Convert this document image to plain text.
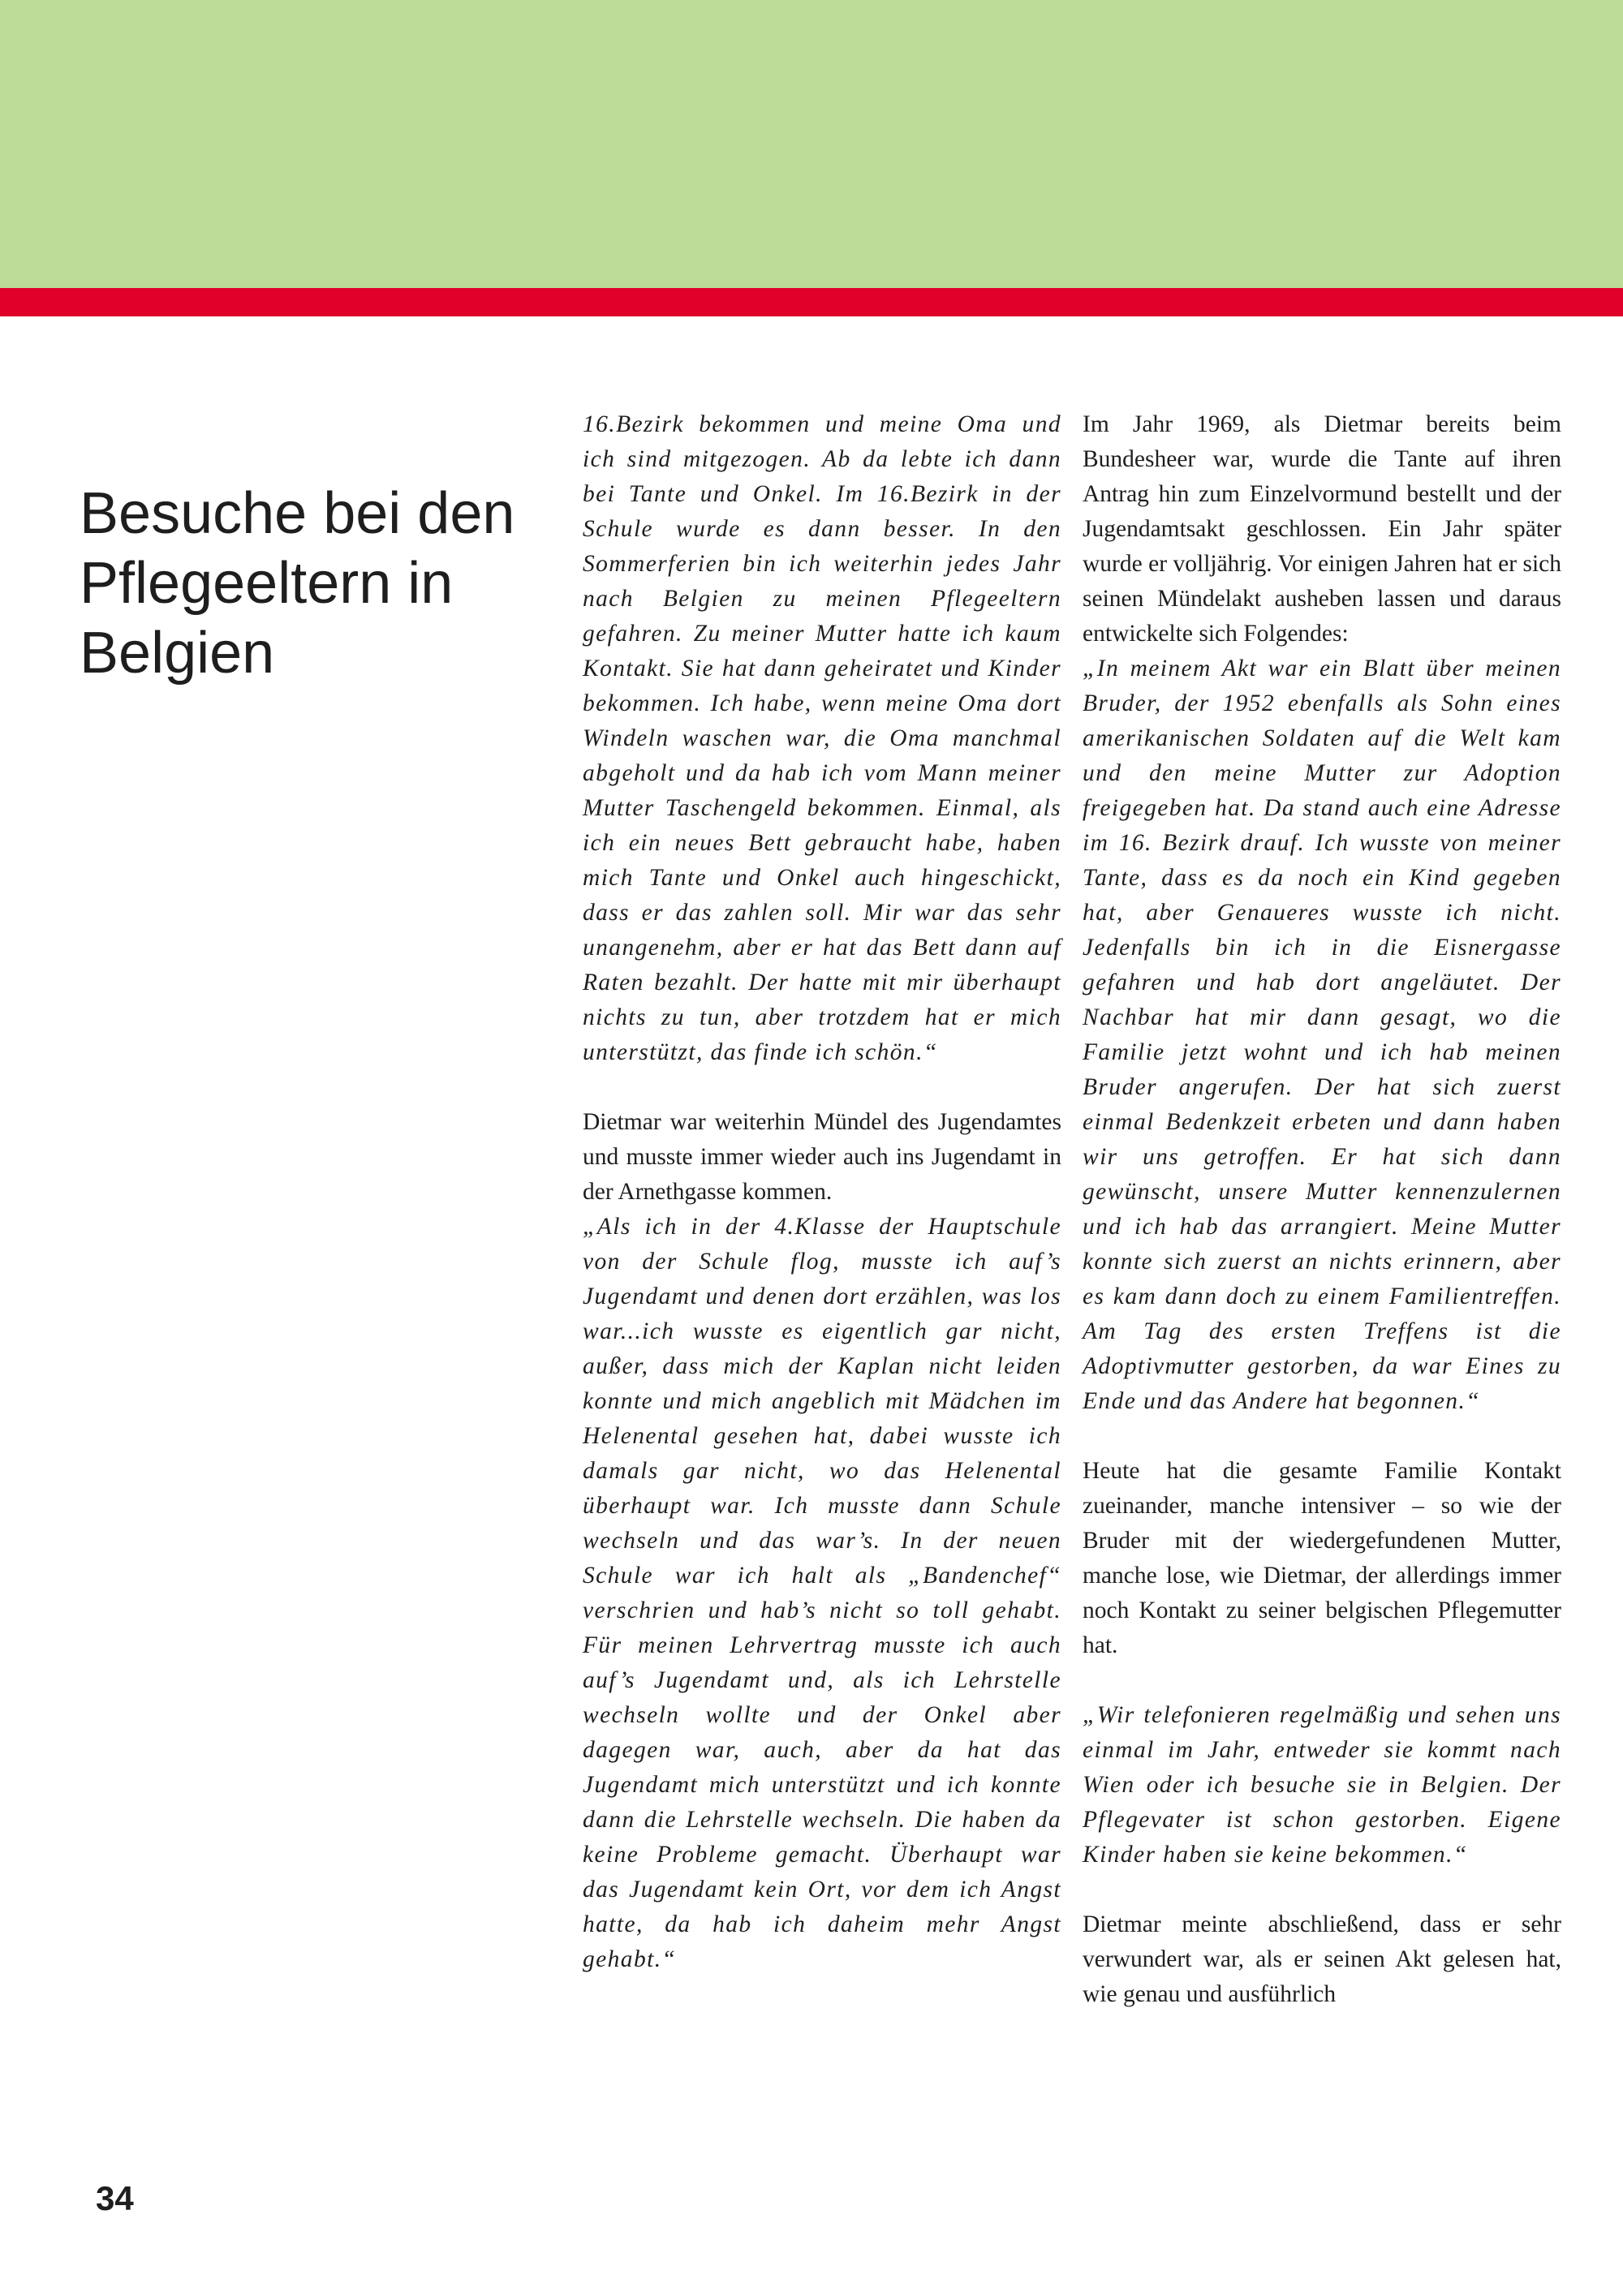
Besuche bei den Pflegeeltern in Belgien

16.Bezirk bekommen und meine Oma und ich sind mitgezogen. Ab da lebte ich dann bei Tante und Onkel. Im 16.Bezirk in der Schule wurde es dann besser. In den Sommerferien bin ich weiterhin jedes Jahr nach Belgien zu meinen Pflegeeltern gefahren. Zu meiner Mutter hatte ich kaum Kontakt. Sie hat dann geheiratet und Kinder bekommen. Ich habe, wenn meine Oma dort Windeln waschen war, die Oma manchmal abgeholt und da hab ich vom Mann meiner Mutter Taschengeld bekommen. Einmal, als ich ein neues Bett gebraucht habe, haben mich Tante und Onkel auch hingeschickt, dass er das zahlen soll. Mir war das sehr unangenehm, aber er hat das Bett dann auf Raten bezahlt. Der hatte mit mir überhaupt nichts zu tun, aber trotzdem hat er mich unterstützt, das finde ich schön.“

Dietmar war weiterhin Mündel des Jugendamtes und musste immer wieder auch ins Jugendamt in der Arnethgasse kommen.

„Als ich in der 4.Klasse der Hauptschule von der Schule flog, musste ich auf’s Jugendamt und denen dort erzählen, was los war...ich wusste es eigentlich gar nicht, außer, dass mich der Kaplan nicht leiden konnte und mich angeblich mit Mädchen im Helenental gesehen hat, dabei wusste ich damals gar nicht, wo das Helenental überhaupt war. Ich musste dann Schule wechseln und das war’s. In der neuen Schule war ich halt als „Bandenchef“ verschrien und hab’s nicht so toll gehabt. Für meinen Lehrvertrag musste ich auch auf’s Jugendamt und, als ich Lehrstelle wechseln wollte und der Onkel aber dagegen war, auch, aber da hat das Jugendamt mich unterstützt und ich konnte dann die Lehrstelle wechseln. Die haben da keine Probleme gemacht. Überhaupt war das Jugendamt kein Ort, vor dem ich Angst hatte, da hab ich daheim mehr Angst gehabt.“

Im Jahr 1969, als Dietmar bereits beim Bundesheer war, wurde die Tante auf ihren Antrag hin zum Einzelvormund bestellt und der Jugendamtsakt geschlossen. Ein Jahr später wurde er volljährig. Vor einigen Jahren hat er sich seinen Mündelakt ausheben lassen und daraus entwickelte sich Folgendes:

„In meinem Akt war ein Blatt über meinen Bruder, der 1952 ebenfalls als Sohn eines amerikanischen Soldaten auf die Welt kam und den meine Mutter zur Adoption freigegeben hat. Da stand auch eine Adresse im 16. Bezirk drauf. Ich wusste von meiner Tante, dass es da noch ein Kind gegeben hat, aber Genaueres wusste ich nicht. Jedenfalls bin ich in die Eisnergasse gefahren und hab dort angeläutet. Der Nachbar hat mir dann gesagt, wo die Familie jetzt wohnt und ich hab meinen Bruder angerufen. Der hat sich zuerst einmal Bedenkzeit erbeten und dann haben wir uns getroffen. Er hat sich dann gewünscht, unsere Mutter kennenzulernen und ich hab das arrangiert. Meine Mutter konnte sich zuerst an nichts erinnern, aber es kam dann doch zu einem Familientreffen. Am Tag des ersten Treffens ist die Adoptivmutter gestorben, da war Eines zu Ende und das Andere hat begonnen.“

Heute hat die gesamte Familie Kontakt zueinander, manche intensiver – so wie der Bruder mit der wiedergefundenen Mutter, manche lose, wie Dietmar, der allerdings immer noch Kontakt zu seiner belgischen Pflegemutter hat.

„Wir telefonieren regelmäßig und sehen uns einmal im Jahr, entweder sie kommt nach Wien oder ich besuche sie in Belgien. Der Pflegevater ist schon gestorben. Eigene Kinder haben sie keine bekommen.“

Dietmar meinte abschließend, dass er sehr verwundert war, als er seinen Akt gelesen hat, wie genau und ausführlich

34
